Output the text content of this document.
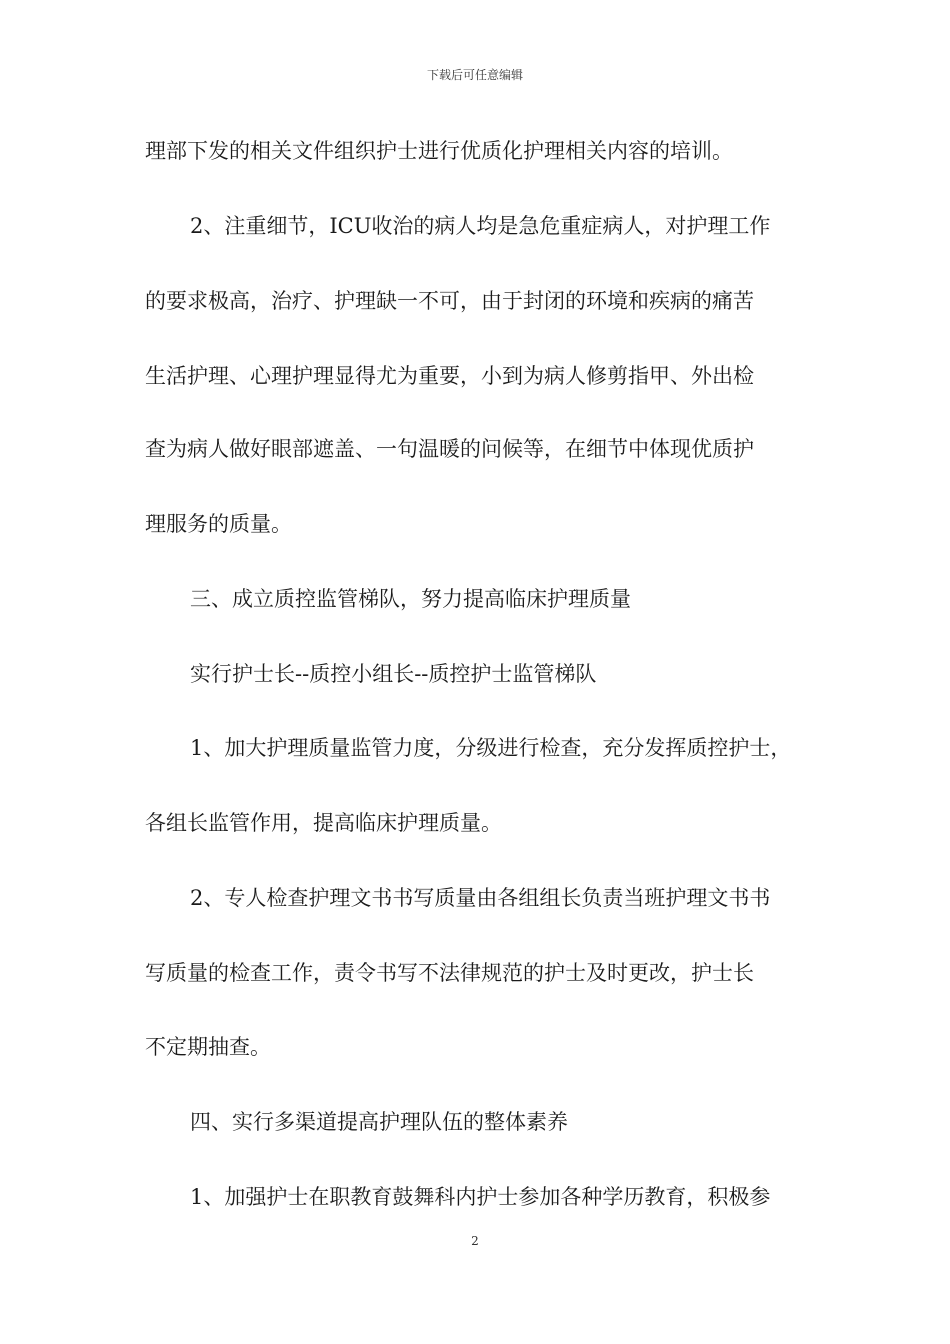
下载后可任意编辑
理部下发的相关文件组织护士进行优质化护理相关内容的培训。
2、注重细节，ICU收治的病人均是急危重症病人，对护理工作
的要求极高，治疗、护理缺一不可，由于封闭的环境和疾病的痛苦
生活护理、心理护理显得尤为重要，小到为病人修剪指甲、外出检
查为病人做好眼部遮盖、一句温暖的问候等，在细节中体现优质护
理服务的质量。
三、成立质控监管梯队，努力提高临床护理质量
实行护士长--质控小组长--质控护士监管梯队
1、加大护理质量监管力度，分级进行检查，充分发挥质控护士，
各组长监管作用，提高临床护理质量。
2、专人检查护理文书书写质量由各组组长负责当班护理文书书
写质量的检查工作，责令书写不法律规范的护士及时更改，护士长
不定期抽查。
四、实行多渠道提高护理队伍的整体素养
1、加强护士在职教育鼓舞科内护士参加各种学历教育，积极参
2
